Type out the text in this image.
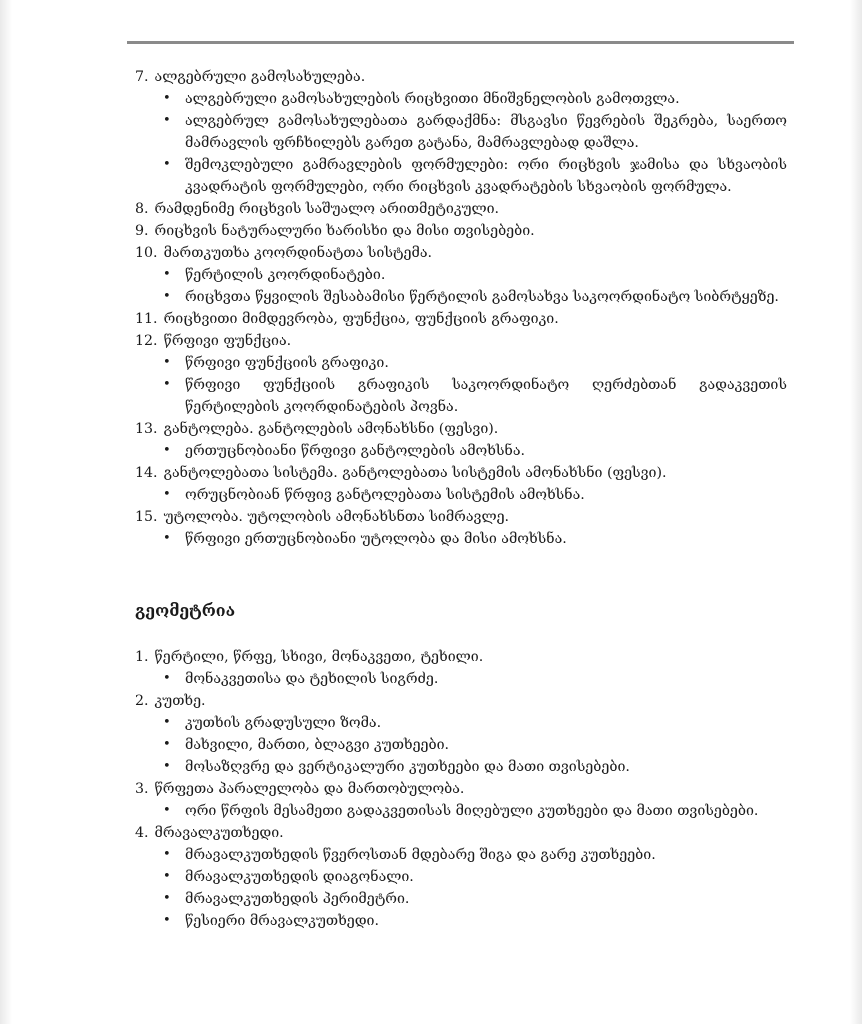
7. ალგებრული გამოსახულება.
•	ალგებრული გამოსახულების რიცხვითი მნიშვნელობის გამოთვლა.
•	ალგებრულ გამოსახულებათა გარდაქმნა: მსგავსი წევრების შეკრება, საერთო მამრავლის ფრჩხილებს გარეთ გატანა, მამრავლებად დაშლა.
•	შემოკლებული გამრავლების ფორმულები: ორი რიცხვის ჯამისა და სხვაობის კვადრატის ფორმულები, ორი რიცხვის კვადრატების სხვაობის ფორმულა.
8. რამდენიმე რიცხვის საშუალო არითმეტიკული.
9. რიცხვის ნატურალური ხარისხი და მისი თვისებები.
10. მართკუთხა კოორდინატთა სისტემა.
•	წერტილის კოორდინატები.
•	რიცხვთა წყვილის შესაბამისი წერტილის გამოსახვა საკოორდინატო სიბრტყეზე.
11. რიცხვითი მიმდევრობა, ფუნქცია, ფუნქციის გრაფიკი.
12. წრფივი ფუნქცია.
•	წრფივი ფუნქციის გრაფიკი.
•	წრფივი ფუნქციის გრაფიკის საკოორდინატო ღერძებთან გადაკვეთის წერტილების კოორდინატების პოვნა.
13. განტოლება. განტოლების ამონახსნი (ფესვი).
•	ერთუცნობიანი წრფივი განტოლების ამოხსნა.
14. განტოლებათა სისტემა. განტოლებათა სისტემის ამონახსნი (ფესვი).
•	ორუცნობიან წრფივ განტოლებათა სისტემის ამოხსნა.
15. უტოლობა. უტოლობის ამონახსნთა სიმრავლე.
•	წრფივი ერთუცნობიანი უტოლობა და მისი ამოხსნა.
გეომეტრია
1. წერტილი, წრფე, სხივი, მონაკვეთი, ტეხილი.
•	მონაკვეთისა და ტეხილის სიგრძე.
2. კუთხე.
•	კუთხის გრადუსული ზომა.
•	მახვილი, მართი, ბლაგვი კუთხეები.
•	მოსაზღვრე და ვერტიკალური კუთხეები და მათი თვისებები.
3. წრფეთა პარალელობა და მართობულობა.
•	ორი წრფის მესამეთი გადაკვეთისას მიღებული კუთხეები და მათი თვისებები.
4. მრავალკუთხედი.
•	მრავალკუთხედის წვეროსთან მდებარე შიგა და გარე კუთხეები.
•	მრავალკუთხედის დიაგონალი.
•	მრავალკუთხედის პერიმეტრი.
•	წესიერი მრავალკუთხედი.
